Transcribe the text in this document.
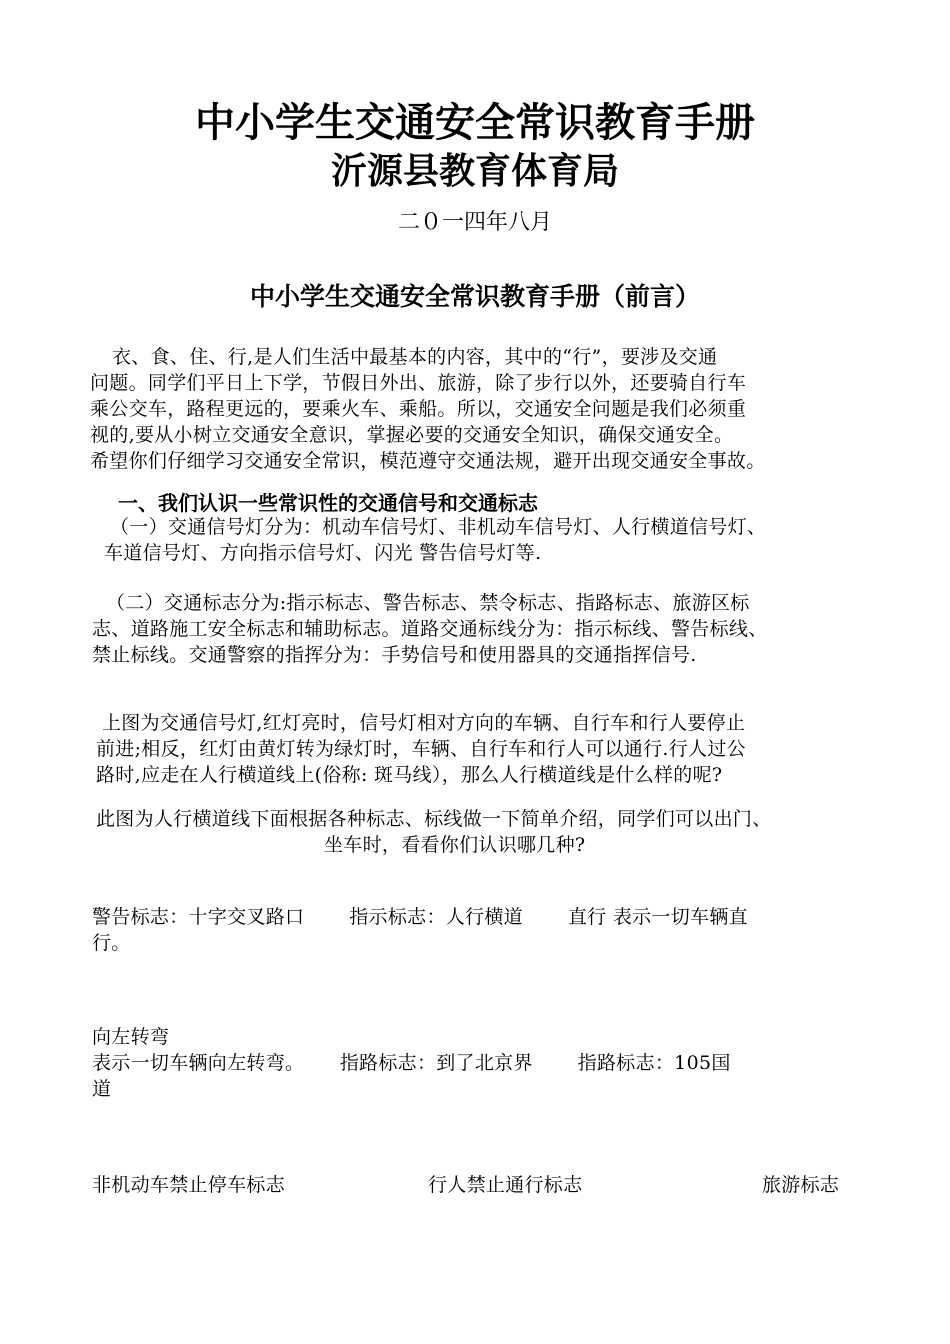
中小学生交通安全常识教育手册
沂源县教育体育局
二０一四年八月
中小学生交通安全常识教育手册（前言）
衣、食、住、行,是人们生活中最基本的内容，其中的“行”，要涉及交通
问题。同学们平日上下学，节假日外出、旅游，除了步行以外，还要骑自行车
乘公交车，路程更远的，要乘火车、乘船。所以，交通安全问题是我们必须重
视的,要从小树立交通安全意识，掌握必要的交通安全知识，确保交通安全。
希望你们仔细学习交通安全常识，模范遵守交通法规，避开出现交通安全事故。
一、我们认识一些常识性的交通信号和交通标志
（一）交通信号灯分为：机动车信号灯、非机动车信号灯、人行横道信号灯、
车道信号灯、方向指示信号灯、闪光 警告信号灯等.
（二）交通标志分为:指示标志、警告标志、禁令标志、指路标志、旅游区标
志、道路施工安全标志和辅助标志。道路交通标线分为：指示标线、警告标线、
禁止标线。交通警察的指挥分为：手势信号和使用器具的交通指挥信号.
上图为交通信号灯,红灯亮时，信号灯相对方向的车辆、自行车和行人要停止
前进;相反，红灯由黄灯转为绿灯时，车辆、自行车和行人可以通行.行人过公
路时,应走在人行横道线上(俗称: 斑马线），那么人行横道线是什么样的呢?
此图为人行横道线下面根据各种标志、标线做一下简单介绍，同学们可以出门、
坐车时，看看你们认识哪几种?
警告标志：十字交叉路口　　 指示标志：人行横道　　 直行 表示一切车辆直
行。
向左转弯
表示一切车辆向左转弯。　　 指路标志：到了北京界　　 指路标志：105国
道
非机动车禁止停车标志	行人禁止通行标志	旅游标志
